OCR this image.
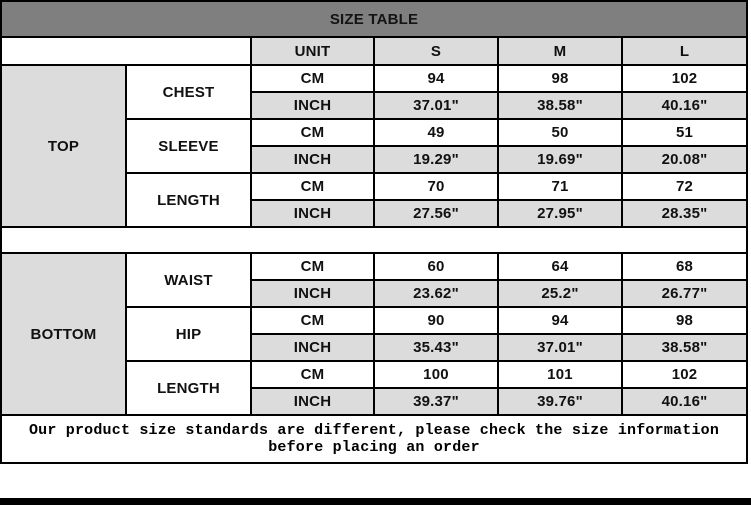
SIZE TABLE					
		UNIT	S	M	L
TOP	CHEST	CM	94	98	102
		INCH	37.01"	38.58"	40.16"
	SLEEVE	CM	49	50	51
		INCH	19.29"	19.69"	20.08"
	LENGTH	CM	70	71	72
		INCH	27.56"	27.95"	28.35"

BOTTOM	WAIST	CM	60	64	68
		INCH	23.62"	25.2"	26.77"
	HIP	CM	90	94	98
		INCH	35.43"	37.01"	38.58"
	LENGTH	CM	100	101	102
		INCH	39.37"	39.76"	40.16"
Our product size standards are different, please check the size information before placing an order					
